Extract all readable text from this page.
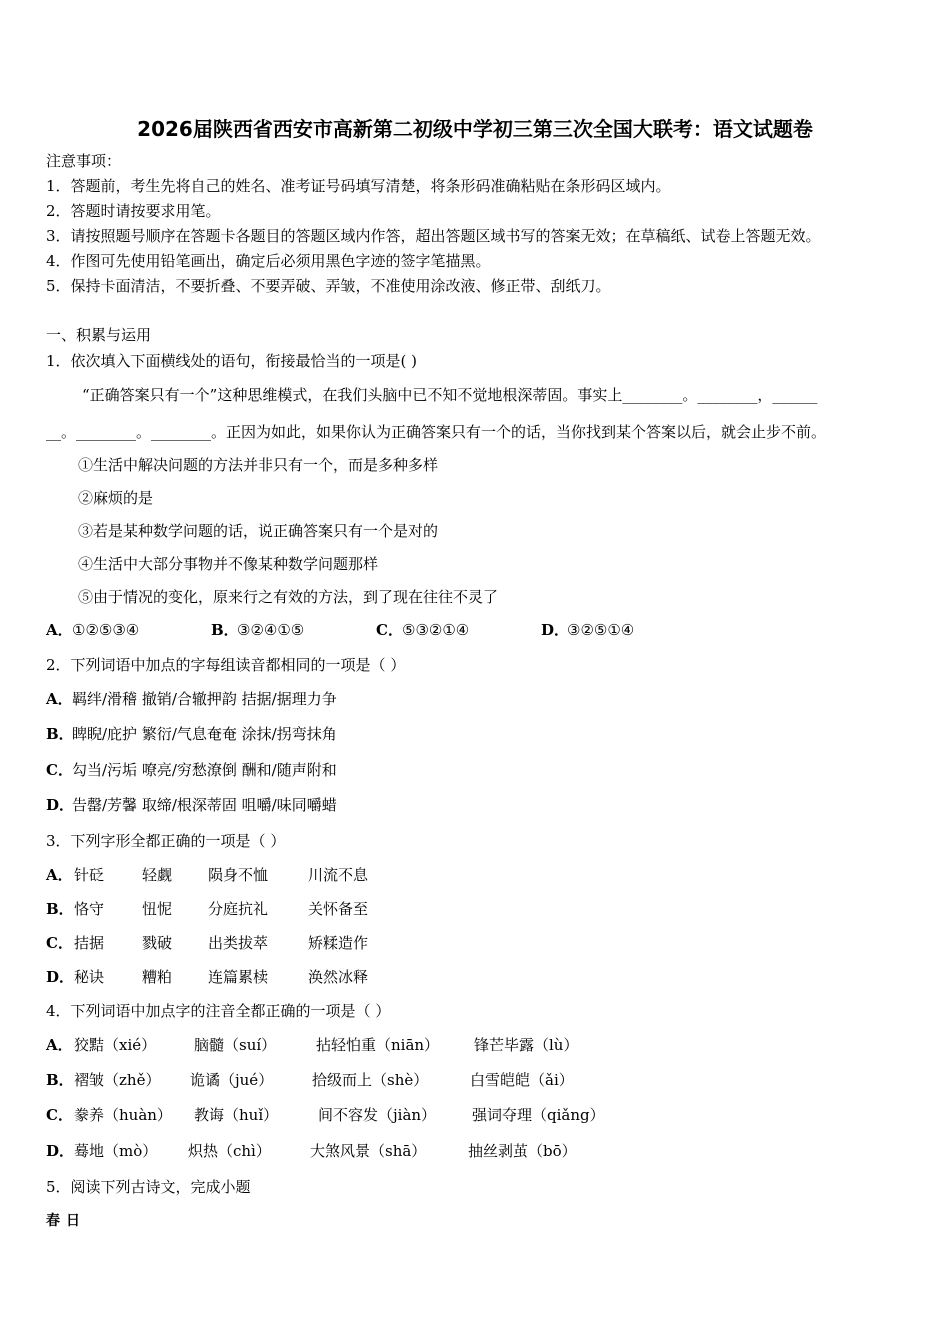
2026届陕西省西安市高新第二初级中学初三第三次全国大联考：语文试题卷
注意事项：
1．答题前，考生先将自己的姓名、准考证号码填写清楚，将条形码准确粘贴在条形码区域内。
2．答题时请按要求用笔。
3．请按照题号顺序在答题卡各题目的答题区域内作答，超出答题区域书写的答案无效；在草稿纸、试卷上答题无效。
4．作图可先使用铅笔画出，确定后必须用黑色字迹的签字笔描黑。
5．保持卡面清洁，不要折叠、不要弄破、弄皱，不准使用涂改液、修正带、刮纸刀。
一、积累与运用
1．依次填入下面横线处的语句，衔接最恰当的一项是( )
“正确答案只有一个”这种思维模式，在我们头脑中已不知不觉地根深蒂固。事实上________。________，______
__。________。________。正因为如此，如果你认为正确答案只有一个的话，当你找到某个答案以后，就会止步不前。
①生活中解决问题的方法并非只有一个，而是多种多样
②麻烦的是
③若是某种数学问题的话，说正确答案只有一个是对的
④生活中大部分事物并不像某种数学问题那样
⑤由于情况的变化，原来行之有效的方法，到了现在往往不灵了
A．①②⑤③④	B．③②④①⑤	C．⑤③②①④	D．③②⑤①④
2．下列词语中加点的字每组读音都相同的一项是（ ）
A．羁绊/滑稽 撤销/合辙押韵 拮据/据理力争
B．睥睨/庇护 繁衍/气息奄奄 涂抹/拐弯抹角
C．勾当/污垢 嘹亮/穷愁潦倒 酬和/随声附和
D．告罄/芳馨 取缔/根深蒂固 咀嚼/味同嚼蜡
3．下列字形全都正确的一项是（ ）
A． 针砭	轻觑 陨身不恤	川流不息
B． 恪守	忸怩 分庭抗礼	关怀备至
C． 拮据	戮破 出类拔萃	矫糅造作
D． 秘诀	糟粕 连篇累椟	涣然冰释
4．下列词语中加点字的注音全都正确的一项是（ ）
A． 狡黠（xié）	脑髓（suí）	拈轻怕重（niān） 锋芒毕露（lù）
B． 褶皱（zhě） 诡谲（jué）	拾级而上（shè）	白雪皑皑（ǎi）
C． 豢养（huàn） 教诲（huǐ）	间不容发（jiàn） 强词夺理（qiǎng）
D． 蓦地（mò） 炽热（chì）	大煞风景（shā）	抽丝剥茧（bō）
5．阅读下列古诗文，完成小题
春日
